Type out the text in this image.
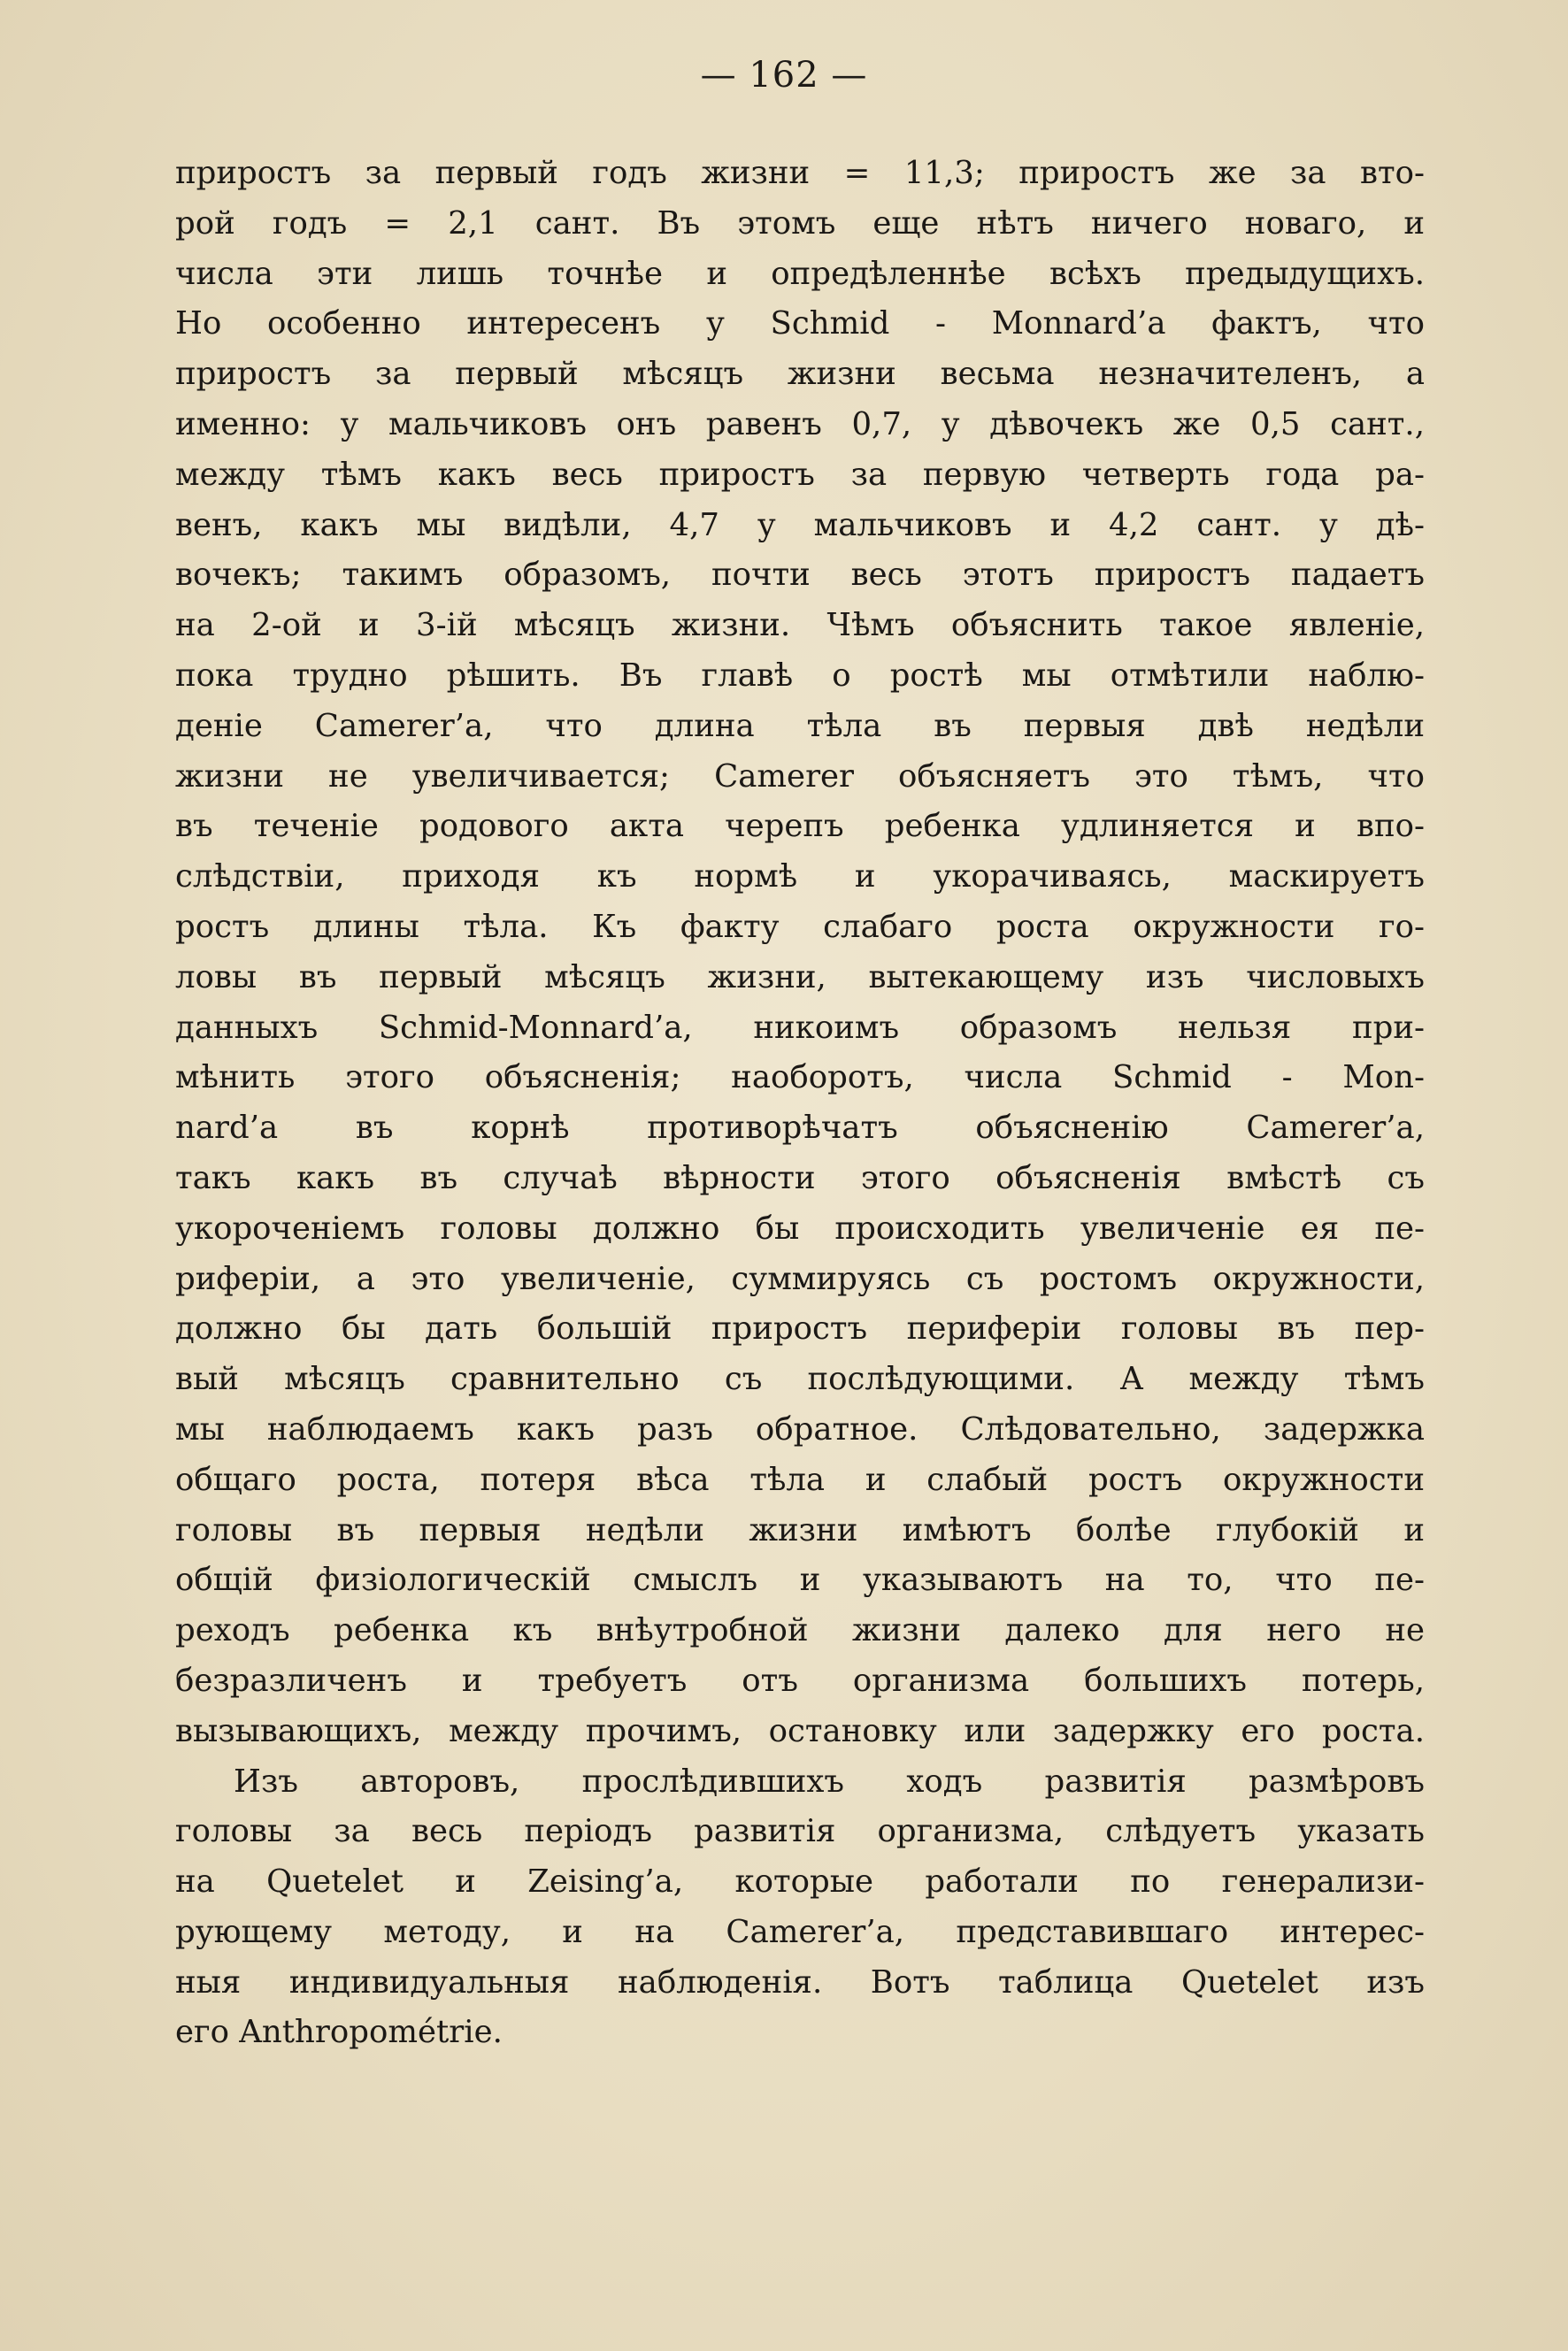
— 162 —
приростъ за первый годъ жизни = 11,3; приростъ же за вто-
рой годъ = 2,1 сант. Въ этомъ еще нѣтъ ничего новаго, и
числа эти лишь точнѣе и опредѣленнѣе всѣхъ предыдущихъ.
Но особенно интересенъ у Schmid - Monnard’а фактъ, что
приростъ за первый мѣсяцъ жизни весьма незначителенъ, а
именно: у мальчиковъ онъ равенъ 0,7, у дѣвочекъ же 0,5 сант.,
между тѣмъ какъ весь приростъ за первую четверть года ра-
венъ, какъ мы видѣли, 4,7 у мальчиковъ и 4,2 сант. у дѣ-
вочекъ; такимъ образомъ, почти весь этотъ приростъ падаетъ
на 2-ой и 3-ій мѣсяцъ жизни. Чѣмъ объяснить такое явленіе,
пока трудно рѣшить. Въ главѣ о ростѣ мы отмѣтили наблю-
деніе Camerer’а, что длина тѣла въ первыя двѣ недѣли
жизни не увеличивается; Camerer объясняетъ это тѣмъ, что
въ теченіе родового акта черепъ ребенка удлиняется и впо-
слѣдствіи, приходя къ нормѣ и укорачиваясь, маскируетъ
ростъ длины тѣла. Къ факту слабаго роста окружности го-
ловы въ первый мѣсяцъ жизни, вытекающему изъ числовыхъ
данныхъ Schmid-Monnard’а, никоимъ образомъ нельзя при-
мѣнить этого объясненія; наоборотъ, числа Schmid - Mon-
nard’а въ корнѣ противорѣчатъ объясненію Camerer’а,
такъ какъ въ случаѣ вѣрности этого объясненія вмѣстѣ съ
укороченіемъ головы должно бы происходить увеличеніе ея пе-
риферіи, а это увеличеніе, суммируясь съ ростомъ окружности,
должно бы дать большій приростъ периферіи головы въ пер-
вый мѣсяцъ сравнительно съ послѣдующими. А между тѣмъ
мы наблюдаемъ какъ разъ обратное. Слѣдовательно, задержка
общаго роста, потеря вѣса тѣла и слабый ростъ окружности
головы въ первыя недѣли жизни имѣютъ болѣе глубокій и
общій физіологическій смыслъ и указываютъ на то, что пе-
реходъ ребенка къ внѣутробной жизни далеко для него не
безразличенъ и требуетъ отъ организма большихъ потерь,
вызывающихъ, между прочимъ, остановку или задержку его роста.
Изъ авторовъ, прослѣдившихъ ходъ развитія размѣровъ
головы за весь періодъ развитія организма, слѣдуетъ указать
на Quetelet и Zeising’а, которые работали по генерализи-
рующему методу, и на Camerer’а, представившаго интерес-
ныя индивидуальныя наблюденія. Вотъ таблица Quetelet изъ
его Anthropométrie.
